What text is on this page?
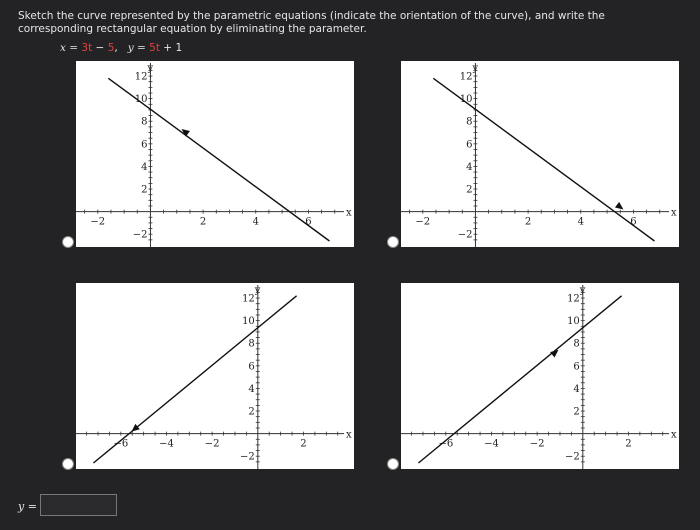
Sketch the curve represented by the parametric equations (indicate the orientation of the curve), and write the corresponding rectangular equation by eliminating the parameter.
x = 3t − 5, y = 5t + 1
x
y
−2	2	4	6
2
4
6
8
10
12
−2
x
y
−2	2	4	6
2
4
6
8
10
12
−2
x
y
−6	−4	−2	2
2
4
6
8
10
12
−2
x
y
−6	−4	−2	2
2
4
6
8
10
12
−2
y =
